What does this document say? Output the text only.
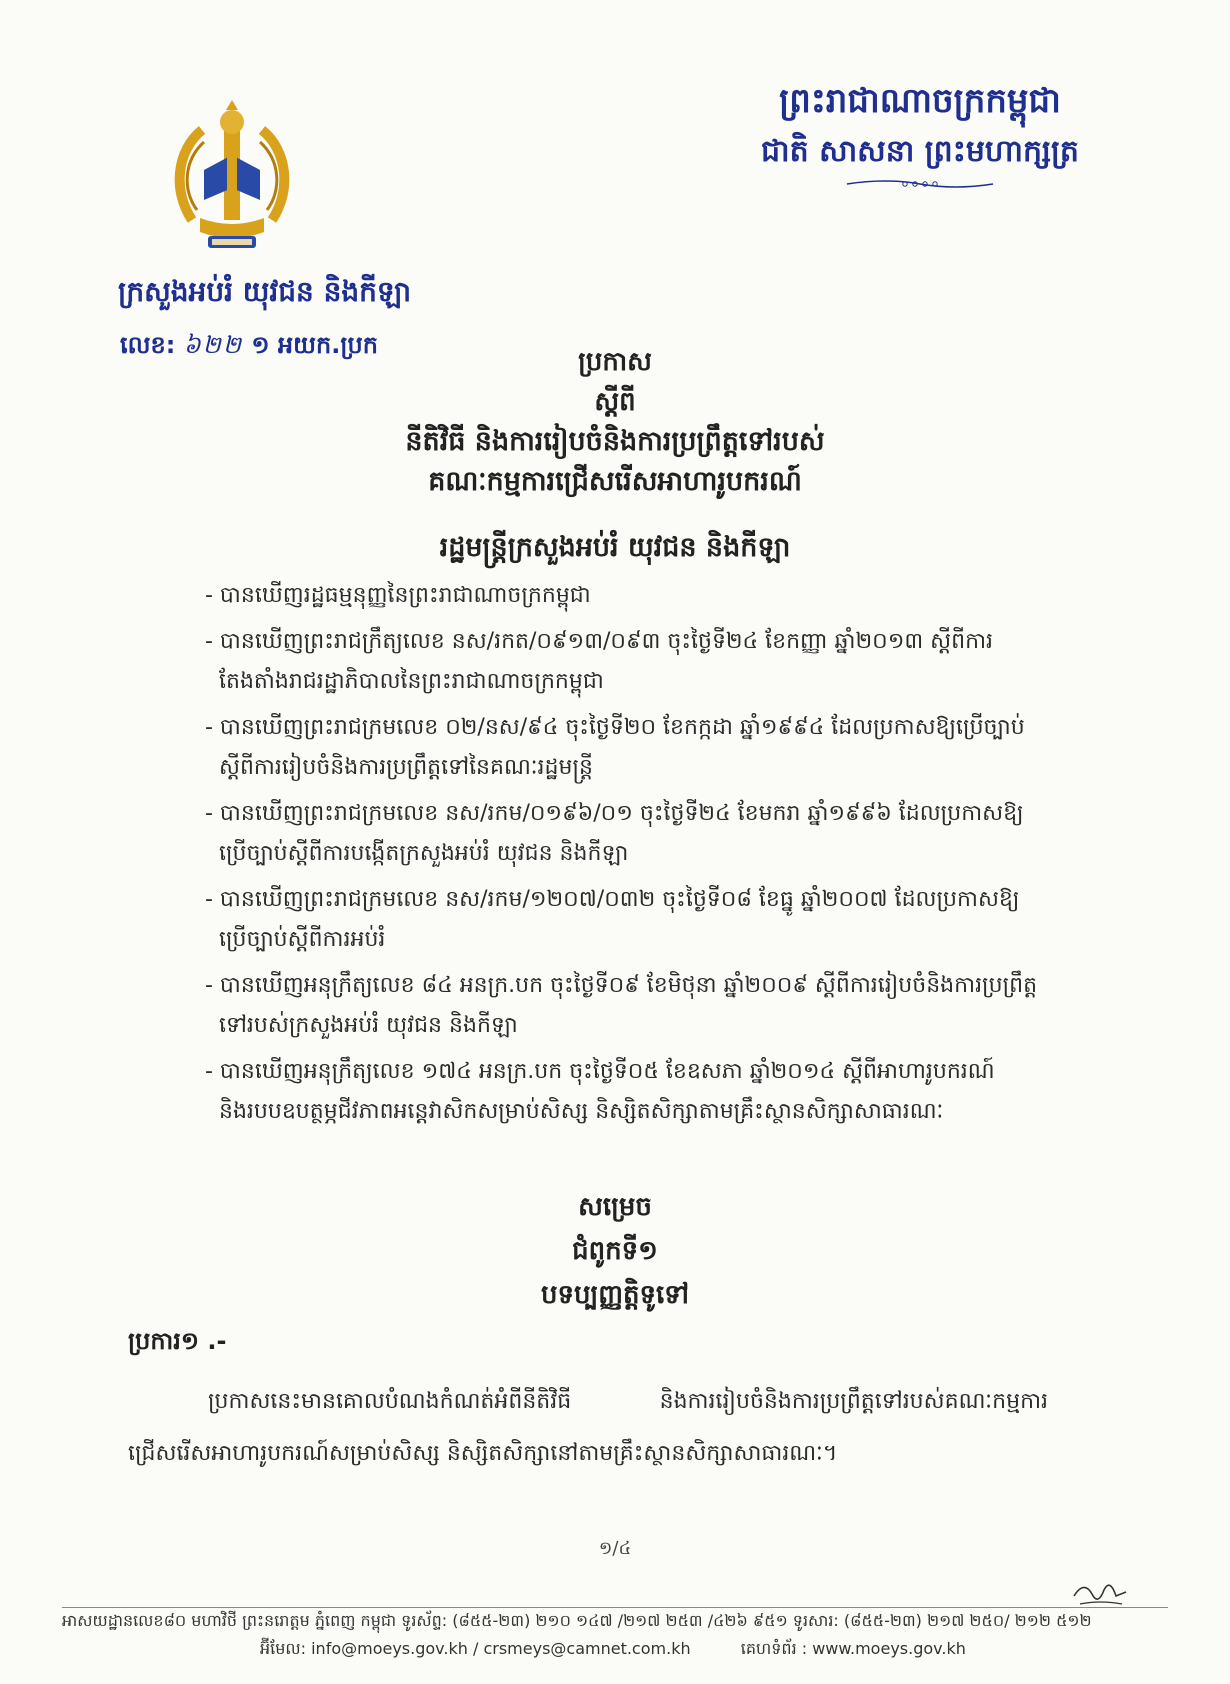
ព្រះរាជាណាចក្រកម្ពុជា
ជាតិ សាសនា ព្រះមហាក្សត្រ
ក្រសួងអប់រំ យុវជន និងកីឡា
លេខ: ៦២២ ១ អយក.ប្រក
ប្រកាស
ស្តីពី
នីតិវិធី និងការរៀបចំនិងការប្រព្រឹត្តទៅរបស់
គណៈកម្មការជ្រើសរើសអាហារូបករណ៍
រដ្ឋមន្ត្រីក្រសួងអប់រំ យុវជន និងកីឡា
- បានឃើញរដ្ឋធម្មនុញ្ញនៃព្រះរាជាណាចក្រកម្ពុជា
- បានឃើញព្រះរាជក្រឹត្យលេខ នស/រកត/០៩១៣/០៩៣ ចុះថ្ងៃទី២៤ ខែកញ្ញា ឆ្នាំ២០១៣ ស្តីពីការតែងតាំងរាជរដ្ឋាភិបាលនៃព្រះរាជាណាចក្រកម្ពុជា
- បានឃើញព្រះរាជក្រមលេខ ០២/នស/៩៤ ចុះថ្ងៃទី២០ ខែកក្កដា ឆ្នាំ១៩៩៤ ដែលប្រកាសឱ្យប្រើច្បាប់ស្តីពីការរៀបចំនិងការប្រព្រឹត្តទៅនៃគណៈរដ្ឋមន្ត្រី
- បានឃើញព្រះរាជក្រមលេខ នស/រកម/០១៩៦/០១ ចុះថ្ងៃទី២៤ ខែមករា ឆ្នាំ១៩៩៦ ដែលប្រកាសឱ្យប្រើច្បាប់ស្តីពីការបង្កើតក្រសួងអប់រំ យុវជន និងកីឡា
- បានឃើញព្រះរាជក្រមលេខ នស/រកម/១២០៧/០៣២ ចុះថ្ងៃទី០៨ ខែធ្នូ ឆ្នាំ២០០៧ ដែលប្រកាសឱ្យប្រើច្បាប់ស្តីពីការអប់រំ
- បានឃើញអនុក្រឹត្យលេខ ៨៤ អនក្រ.បក ចុះថ្ងៃទី០៩ ខែមិថុនា ឆ្នាំ២០០៩ ស្តីពីការរៀបចំនិងការប្រព្រឹត្តទៅរបស់ក្រសួងអប់រំ យុវជន និងកីឡា
- បានឃើញអនុក្រឹត្យលេខ ១៧៤ អនក្រ.បក ចុះថ្ងៃទី០៥ ខែឧសភា ឆ្នាំ២០១៤ ស្តីពីអាហារូបករណ៍ និងរបបឧបត្ថម្ភជីវភាពអន្តេវាសិកសម្រាប់សិស្ស និស្សិតសិក្សាតាមគ្រឹះស្ថានសិក្សាសាធារណៈ
សម្រេច
ជំពូកទី១
បទប្បញ្ញត្តិទូទៅ
ប្រការ១ .-
ប្រកាសនេះមានគោលបំណងកំណត់អំពីនីតិវិធី និងការរៀបចំនិងការប្រព្រឹត្តទៅរបស់គណៈកម្មការជ្រើសរើសអាហារូបករណ៍សម្រាប់សិស្ស និស្សិតសិក្សានៅតាមគ្រឹះស្ថានសិក្សាសាធារណៈ។
១/៤
អាសយដ្ឋានលេខ៨០ មហាវិថី ព្រះនរោត្តម ភ្នំពេញ កម្ពុជា ទូរស័ព្ទ: (៨៥៥-២៣) ២១០ ១៤៧ /២១៧ ២៥៣ /៤២៦ ៩៥១ ទូរសារ: (៨៥៥-២៣) ២១៧ ២៥០/ ២១២ ៥១២
អ៊ីមែល: info@moeys.gov.kh / crsmeys@camnet.com.kh	គេហទំព័រ : www.moeys.gov.kh
